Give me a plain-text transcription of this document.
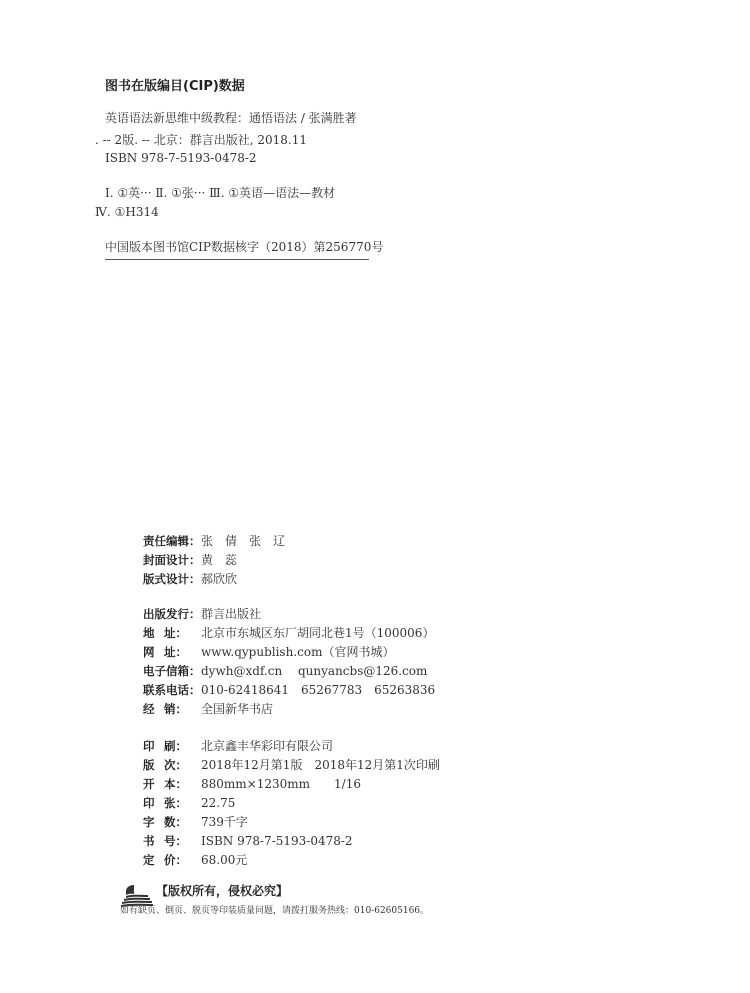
图书在版编目(CIP)数据
英语语法新思维中级教程：通悟语法 / 张满胜著
. -- 2版. -- 北京：群言出版社, 2018.11
ISBN 978-7-5193-0478-2
Ⅰ. ①英··· Ⅱ. ①张··· Ⅲ. ①英语—语法—教材
Ⅳ. ①H314
中国版本图书馆CIP数据核字（2018）第256770号
责任编辑： 张　倩　张　辽
封面设计： 黄　蕊
版式设计： 郝欣欣
出版发行： 群言出版社
地 址： 北京市东城区东厂胡同北巷1号（100006）
网 址： www.qypublish.com（官网书城）
电子信箱： dywh@xdf.cn　 qunyancbs@126.com
联系电话： 010-62418641　65267783　65263836
经 销： 全国新华书店
印 刷： 北京鑫丰华彩印有限公司
版 次： 2018年12月第1版　2018年12月第1次印刷
开 本： 880mm×1230mm　　1/16
印 张： 22.75
字 数： 739千字
书 号： ISBN 978-7-5193-0478-2
定 价： 68.00元
【版权所有，侵权必究】
如有缺页、倒页、脱页等印装质量问题，请拨打服务热线：010-62605166。
